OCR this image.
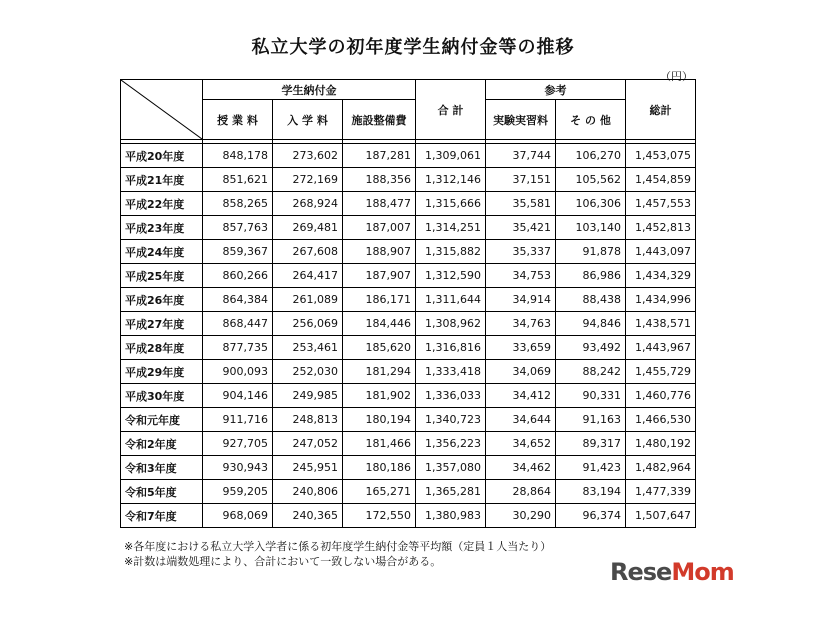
私立大学の初年度学生納付金等の推移
（円）
	学生納付金			合 計	参考		総計
	授 業 料	入 学 料	施設整備費		実験実習料	そ の 他	

平成20年度	848,178	273,602	187,281	1,309,061	37,744	106,270	1,453,075
平成21年度	851,621	272,169	188,356	1,312,146	37,151	105,562	1,454,859
平成22年度	858,265	268,924	188,477	1,315,666	35,581	106,306	1,457,553
平成23年度	857,763	269,481	187,007	1,314,251	35,421	103,140	1,452,813
平成24年度	859,367	267,608	188,907	1,315,882	35,337	91,878	1,443,097
平成25年度	860,266	264,417	187,907	1,312,590	34,753	86,986	1,434,329
平成26年度	864,384	261,089	186,171	1,311,644	34,914	88,438	1,434,996
平成27年度	868,447	256,069	184,446	1,308,962	34,763	94,846	1,438,571
平成28年度	877,735	253,461	185,620	1,316,816	33,659	93,492	1,443,967
平成29年度	900,093	252,030	181,294	1,333,418	34,069	88,242	1,455,729
平成30年度	904,146	249,985	181,902	1,336,033	34,412	90,331	1,460,776
令和元年度	911,716	248,813	180,194	1,340,723	34,644	91,163	1,466,530
令和2年度	927,705	247,052	181,466	1,356,223	34,652	89,317	1,480,192
令和3年度	930,943	245,951	180,186	1,357,080	34,462	91,423	1,482,964
令和5年度	959,205	240,806	165,271	1,365,281	28,864	83,194	1,477,339
令和7年度	968,069	240,365	172,550	1,380,983	30,290	96,374	1,507,647
※各年度における私立大学入学者に係る初年度学生納付金等平均額（定員１人当たり）
※計数は端数処理により、合計において一致しない場合がある。	ReseMom
